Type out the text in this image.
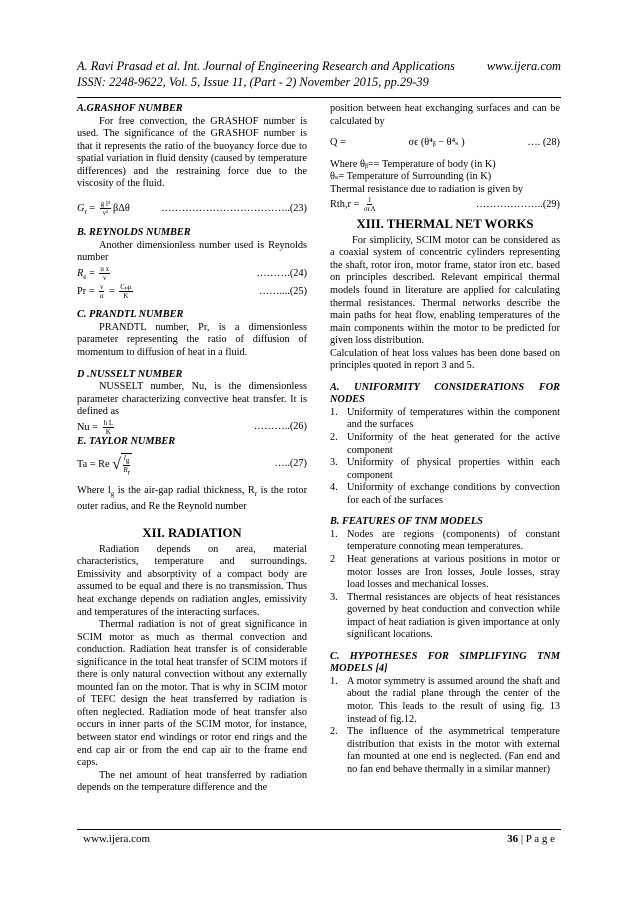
A. Ravi Prasad et al. Int. Journal of Engineering Research and Applications	www.ijera.com
ISSN: 2248-9622, Vol. 5, Issue 11, (Part - 2) November 2015, pp.29-39

A.GRASHOF NUMBER

For free convection, the GRASHOF number is used. The significance of the GRASHOF number is that it represents the ratio of the buoyancy force due to spatial variation in fluid density (caused by temperature differences) and the restraining force due to the viscosity of the fluid.

$G_r = \frac{\text{g l³}}{\text{ν²}}$ βΔθ	………………………………..(23)

B. REYNOLDS NUMBER

Another dimensionless number used is Reynolds number

$R_e = \frac{\text{u x}}{\nu}$	……….(24)
$Pr = \frac{\nu}{\alpha} = \frac{\text{Cₚμ}}{K}$	……....(25)

C. PRANDTL NUMBER

PRANDTL number, Pr, is a dimensionless parameter representing the ratio of diffusion of momentum to diffusion of heat in a fluid.

D .NUSSELT NUMBER

NUSSELT number, Nu, is the dimensionless parameter characterizing convective heat transfer. It is defined as

$Nu = \frac{\text{h L}}{K}$	………..(26)

E. TAYLOR NUMBER

Ta = Re √ $\frac{l_g}{R_r}$	…..(27)

Where $l_g$ is the air-gap radial thickness, $R_r$ is the rotor outer radius, and Re the Reynold number

XII. RADIATION

Radiation depends on area, material characteristics, temperature and surroundings. Emissivity and absorptivity of a compact body are assumed to be equal and there is no transmission. Thus heat exchange depends on radiation angles, emissivity and temperatures of the interacting surfaces.

Thermal radiation is not of great significance in SCIM motor as much as thermal convection and conduction. Radiation heat transfer is of considerable significance in the total heat transfer of SCIM motors if there is only natural convection without any externally mounted fan on the motor. That is why in SCIM motor of TEFC design the heat transferred by radiation is often neglected. Radiation mode of heat transfer also occurs in inner parts of the SCIM motor, for instance, between stator end windings or rotor end rings and the end cap air or from the end cap air to the frame end caps.

The net amount of heat transferred by radiation depends on the temperature difference and the

position between heat exchanging surfaces and can be calculated by

Q =	σϵ (θ⁴ᵦ − θ⁴ₛ )	…. (28)

Where θᵦ== Temperature of body (in K)

θₛ= Temperature of Surrounding (in K)

Thermal resistance due to radiation is given by

$Rth,r = \frac{1}{\text{σϵA}}$	………………..(29)
XIII. THERMAL NET WORKS

For simplicity, SCIM motor can be considered as a coaxial system of concentric cylinders representing the shaft, rotor iron, motor frame, stator iron etc. based on principles described. Relevant empirical thermal models found in literature are applied for calculating thermal resistances. Thermal networks describe the main paths for heat flow, enabling temperatures of the main components within the motor to be predicted for given loss distribution.

Calculation of heat loss values has been done based on principles quoted in report 3 and 5.

A. UNIFORMITY CONSIDERATIONS FOR NODES

1. Uniformity of temperatures within the component and the surfaces
2. Uniformity of the heat generated for the active component
3. Uniformity of physical properties within each component
4. Uniformity of exchange conditions by convection for each of the surfaces

B. FEATURES OF TNM MODELS

1. Nodes are regions (components) of constant temperature connoting mean temperatures.
2	Heat generations at various positions in motor or motor losses are Iron losses, Joule losses, stray load losses and mechanical losses.
3. Thermal resistances are objects of heat resistances governed by heat conduction and convection while impact of heat radiation is given importance at only significant locations.

C. HYPOTHESES FOR SIMPLIFYING TNM MODELS [4]

1. A motor symmetry is assumed around the shaft and about the radial plane through the center of the motor. This leads to the result of using fig. 13 instead of fig.12.
2. The influence of the asymmetrical temperature distribution that exists in the motor with external fan mounted at one end is neglected. (Fan end and no fan end behave thermally in a similar manner)
www.ijera.com	36 | P a g e
